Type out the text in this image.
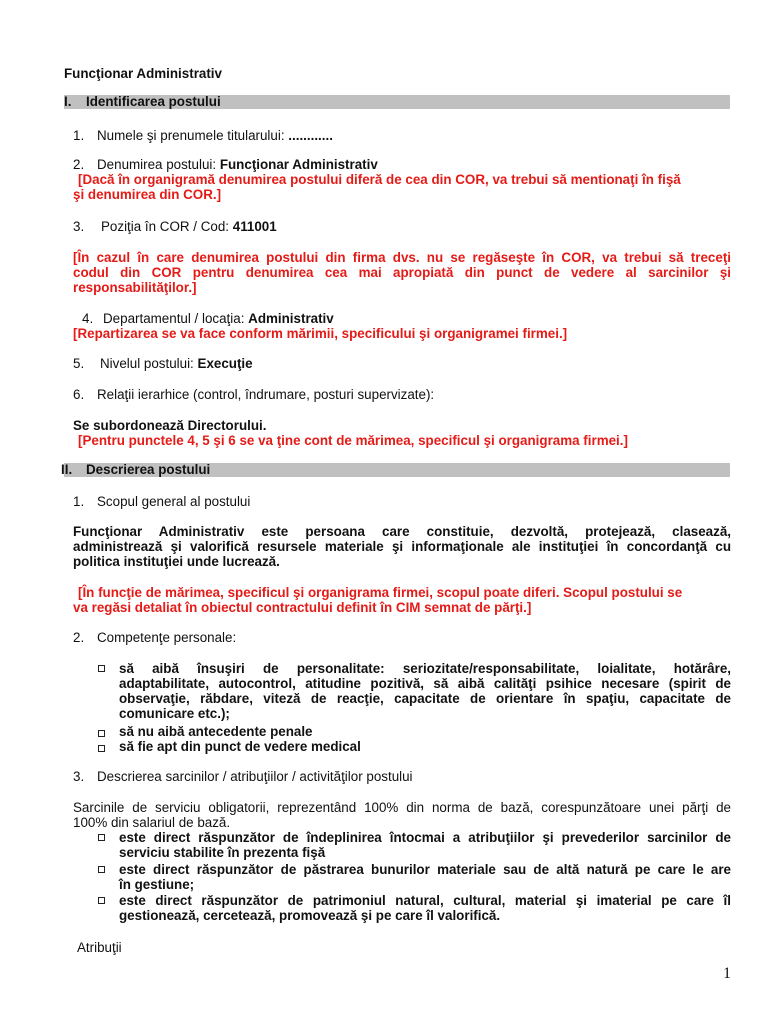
Funcţionar Administrativ
I. Identificarea postului
1. Numele şi prenumele titularului: ............
2. Denumirea postului: Funcţionar Administrativ
[Dacă în organigramă denumirea postului diferă de cea din COR, va trebui să mentionaţi în fişă
şi denumirea din COR.]
3. Poziţia în COR / Cod: 411001
[În cazul în care denumirea postului din firma dvs. nu se regăseşte în COR, va trebui să treceţi
codul din COR pentru denumirea cea mai apropiată din punct de vedere al sarcinilor şi
responsabilităţilor.]
4. Departamentul / locaţia: Administrativ
[Repartizarea se va face conform mărimii, specificului şi organigramei firmei.]
5. Nivelul postului: Execuţie
6. Relaţii ierarhice (control, îndrumare, posturi supervizate):
Se subordonează Directorului.
[Pentru punctele 4, 5 şi 6 se va ţine cont de mărimea, specificul şi organigrama firmei.]
II. Descrierea postului
1. Scopul general al postului
Funcţionar Administrativ este persoana care constituie, dezvoltă, protejează, clasează,
administrează şi valorifică resursele materiale şi informaţionale ale instituţiei în concordanţă cu
politica instituţiei unde lucrează.
[În funcţie de mărimea, specificul şi organigrama firmei, scopul poate diferi. Scopul postului se
va regăsi detaliat în obiectul contractului definit în CIM semnat de părţi.]
2. Competenţe personale:
să aibă însuşiri de personalitate: seriozitate/responsabilitate, loialitate, hotărâre,
adaptabilitate, autocontrol, atitudine pozitivă, să aibă calităţi psihice necesare (spirit de
observaţie, răbdare, viteză de reacţie, capacitate de orientare în spaţiu, capacitate de
comunicare etc.);
să nu aibă antecedente penale
să fie apt din punct de vedere medical
3. Descrierea sarcinilor / atribuţiilor / activităţilor postului
Sarcinile de serviciu obligatorii, reprezentând 100% din norma de bază, corespunzătoare unei părţi de
100% din salariul de bază.
este direct răspunzător de îndeplinirea întocmai a atribuţiilor şi prevederilor sarcinilor de
serviciu stabilite în prezenta fişă
este direct răspunzător de păstrarea bunurilor materiale sau de altă natură pe care le are
în gestiune;
este direct răspunzător de patrimoniul natural, cultural, material şi imaterial pe care îl
gestionează, cercetează, promovează şi pe care îl valorifică.
Atribuţii
1
